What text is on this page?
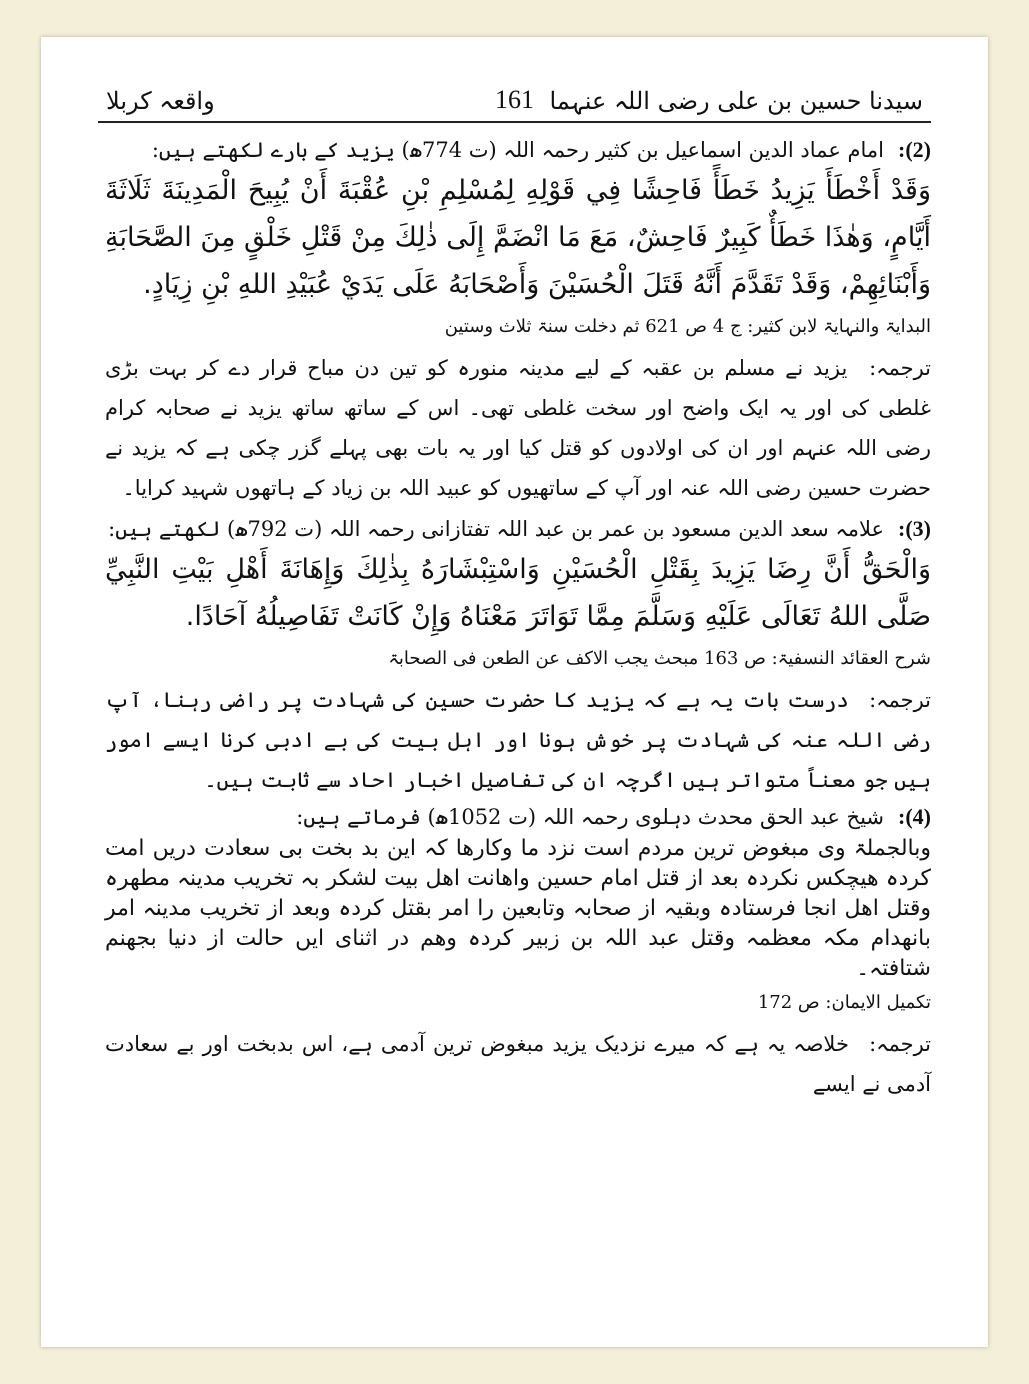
سیدنا حسین بن علی رضی اللہ عنہما
161
واقعہ کربلا
(2):
امام عماد الدین اسماعیل بن کثیر رحمہ اللہ (ت 774ھ) یزید کے بارے لکھتے ہیں:
وَقَدْ أَخْطَأَ يَزِيدُ خَطَأً فَاحِشًا فِي قَوْلِهِ لِمُسْلِمِ بْنِ عُقْبَةَ أَنْ يُبِيحَ الْمَدِينَةَ ثَلَاثَةَ أَيَّامٍ، وَهٰذَا خَطَأٌ كَبِيرٌ فَاحِشٌ، مَعَ مَا انْضَمَّ إِلَى ذٰلِكَ مِنْ قَتْلِ خَلْقٍ مِنَ الصَّحَابَةِ وَأَبْنَائِهِمْ، وَقَدْ تَقَدَّمَ أَنَّهُ قَتَلَ الْحُسَيْنَ وَأَصْحَابَهُ عَلَى يَدَيْ عُبَيْدِ اللهِ بْنِ زِيَادٍ.
البدایۃ والنہایۃ لابن کثیر: ج 4 ص 621 ثم دخلت سنۃ ثلاث وستین
ترجمہ: یزید نے مسلم بن عقبہ کے لیے مدینہ منورہ کو تین دن مباح قرار دے کر بہت بڑی غلطی کی اور یہ ایک واضح اور سخت غلطی تھی۔ اس کے ساتھ ساتھ یزید نے صحابہ کرام رضی اللہ عنہم اور ان کی اولادوں کو قتل کیا اور یہ بات بھی پہلے گزر چکی ہے کہ یزید نے حضرت حسین رضی اللہ عنہ اور آپ کے ساتھیوں کو عبید اللہ بن زیاد کے ہاتھوں شہید کرایا۔
(3):
علامہ سعد الدین مسعود بن عمر بن عبد اللہ تفتازانی رحمہ اللہ (ت 792ھ) لکھتے ہیں:
وَالْحَقُّ أَنَّ رِضَا يَزِيدَ بِقَتْلِ الْحُسَيْنِ وَاسْتِبْشَارَهُ بِذٰلِكَ وَإِهَانَةَ أَهْلِ بَيْتِ النَّبِيِّ صَلَّى اللهُ تَعَالَى عَلَيْهِ وَسَلَّمَ مِمَّا تَوَاتَرَ مَعْنَاهُ وَإِنْ كَانَتْ تَفَاصِيلُهُ آحَادًا.
شرح العقائد النسفیۃ: ص 163 مبحث یجب الاکف عن الطعن فی الصحابۃ
ترجمہ: درست بات یہ ہے کہ یزید کا حضرت حسین کی شہادت پر راضی رہنا، آپ رضی اللہ عنہ کی شہادت پر خوش ہونا اور اہل بیت کی بے ادبی کرنا ایسے امور ہیں جو معناً متواتر ہیں اگرچہ ان کی تفاصیل اخبار احاد سے ثابت ہیں۔
(4):
شیخ عبد الحق محدث دہلوی رحمہ اللہ (ت 1052ھ) فرماتے ہیں:
وبالجملۃ وی مبغوض ترین مردم است نزد ما وکارها کہ این بد بخت بی سعادت دریں امت کردہ هیچکس نکردہ بعد از قتل امام حسین واهانت اهل بیت لشکر بہ تخریب مدینہ مطهرہ وقتل اهل انجا فرستادہ وبقیہ از صحابہ وتابعین را امر بقتل کردہ وبعد از تخریب مدینہ امر بانهدام مکہ معظمہ وقتل عبد اللہ بن زبیر کردہ وهم در اثنای ایں حالت از دنیا بجهنم شتافتہ۔
تکمیل الایمان: ص 172
ترجمہ: خلاصہ یہ ہے کہ میرے نزدیک یزید مبغوض ترین آدمی ہے، اس بدبخت اور بے سعادت آدمی نے ایسے
